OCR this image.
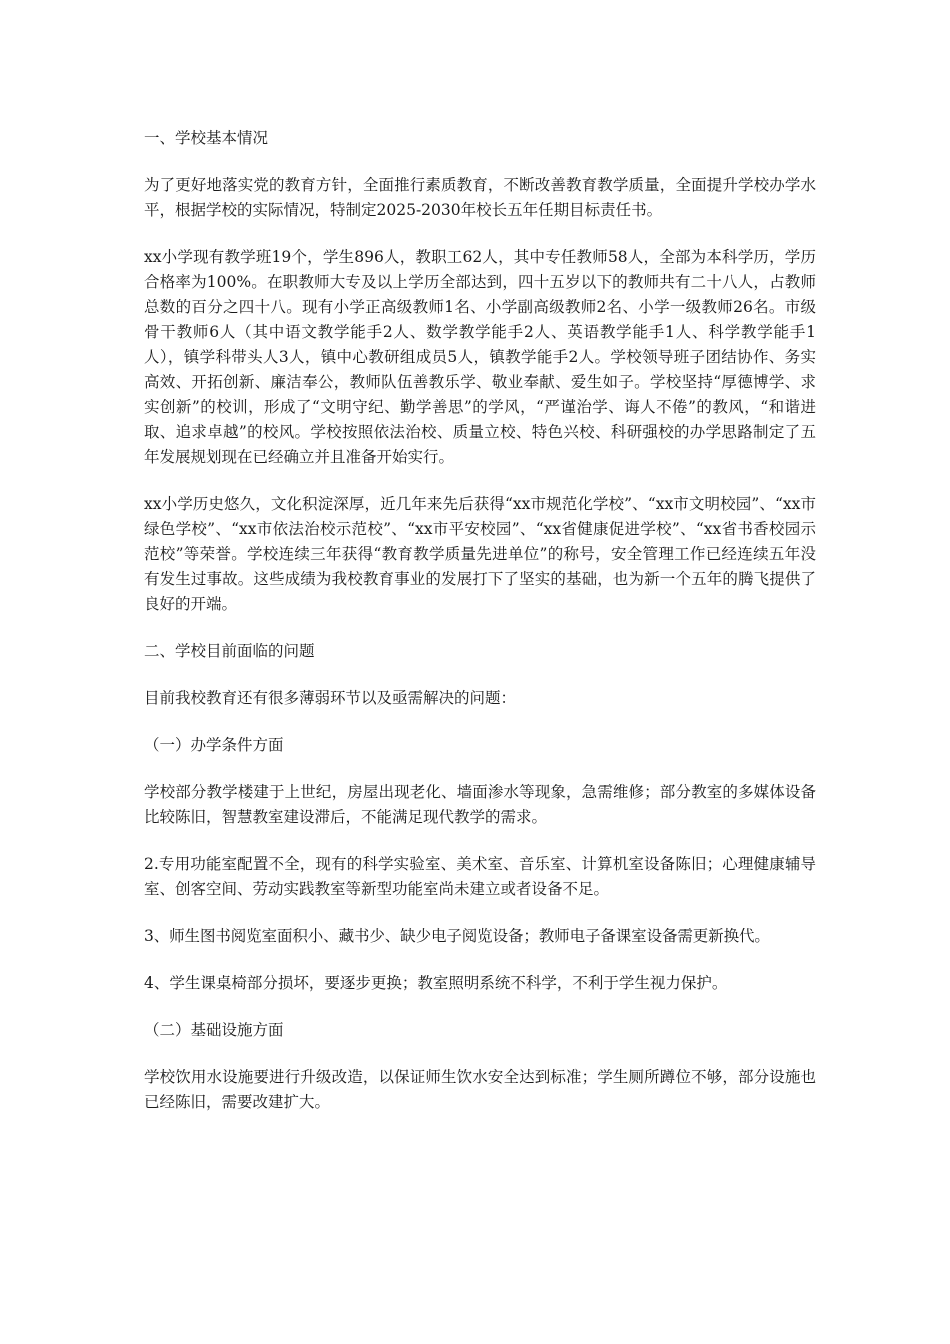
一、学校基本情况

为了更好地落实党的教育方针，全面推行素质教育，不断改善教育教学质量，全面提升学校办学水平，根据学校的实际情况，特制定2025-2030年校长五年任期目标责任书。

xx小学现有教学班19个，学生896人，教职工62人，其中专任教师58人，全部为本科学历，学历合格率为100%。在职教师大专及以上学历全部达到，四十五岁以下的教师共有二十八人，占教师总数的百分之四十八。现有小学正高级教师1名、小学副高级教师2名、小学一级教师26名。市级骨干教师6人（其中语文教学能手2人、数学教学能手2人、英语教学能手1人、科学教学能手1人），镇学科带头人3人，镇中心教研组成员5人，镇教学能手2人。学校领导班子团结协作、务实高效、开拓创新、廉洁奉公，教师队伍善教乐学、敬业奉献、爱生如子。学校坚持“厚德博学、求实创新”的校训，形成了“文明守纪、勤学善思”的学风，“严谨治学、诲人不倦”的教风，“和谐进取、追求卓越”的校风。学校按照依法治校、质量立校、特色兴校、科研强校的办学思路制定了五年发展规划现在已经确立并且准备开始实行。

xx小学历史悠久，文化积淀深厚，近几年来先后获得“xx市规范化学校”、“xx市文明校园”、“xx市绿色学校”、“xx市依法治校示范校”、“xx市平安校园”、“xx省健康促进学校”、“xx省书香校园示范校”等荣誉。学校连续三年获得“教育教学质量先进单位”的称号，安全管理工作已经连续五年没有发生过事故。这些成绩为我校教育事业的发展打下了坚实的基础，也为新一个五年的腾飞提供了良好的开端。

二、学校目前面临的问题

目前我校教育还有很多薄弱环节以及亟需解决的问题：

（一）办学条件方面

学校部分教学楼建于上世纪，房屋出现老化、墙面渗水等现象，急需维修；部分教室的多媒体设备比较陈旧，智慧教室建设滞后，不能满足现代教学的需求。

2.专用功能室配置不全，现有的科学实验室、美术室、音乐室、计算机室设备陈旧；心理健康辅导室、创客空间、劳动实践教室等新型功能室尚未建立或者设备不足。

3、师生图书阅览室面积小、藏书少、缺少电子阅览设备；教师电子备课室设备需更新换代。

4、学生课桌椅部分损坏，要逐步更换；教室照明系统不科学，不利于学生视力保护。

（二）基础设施方面

学校饮用水设施要进行升级改造，以保证师生饮水安全达到标准；学生厕所蹲位不够，部分设施也已经陈旧，需要改建扩大。
